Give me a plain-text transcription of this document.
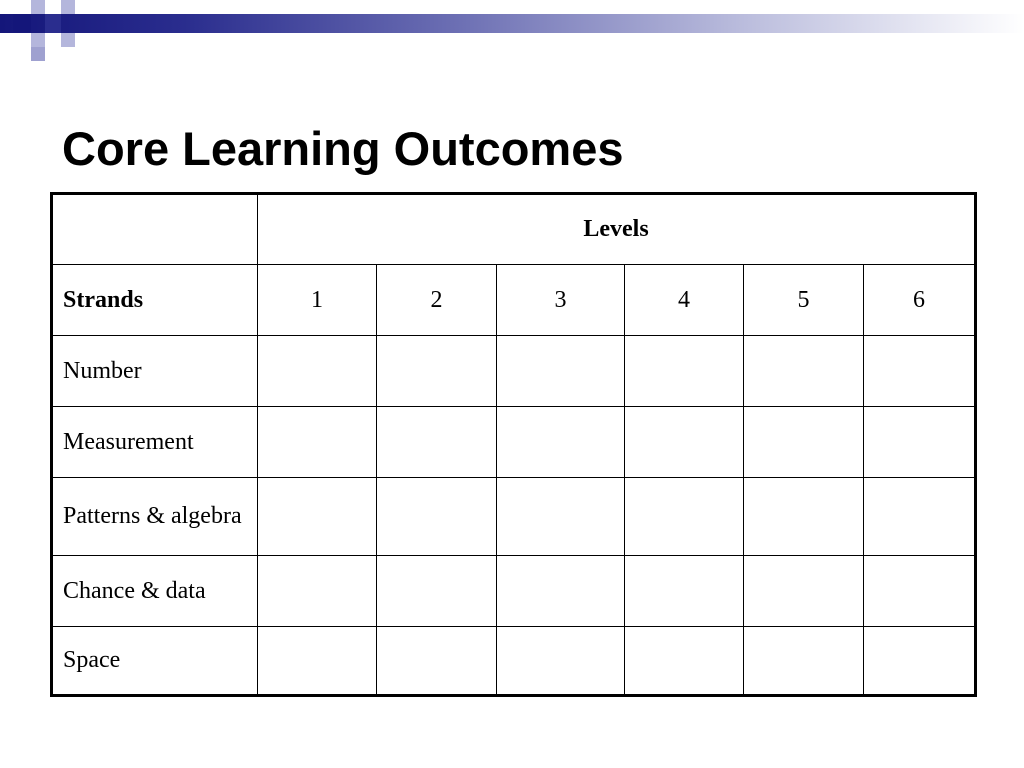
Core Learning Outcomes
	Levels					
Strands	1	2	3	4	5	6
Number						
Measurement						
Patterns & algebra						
Chance & data						
Space						
